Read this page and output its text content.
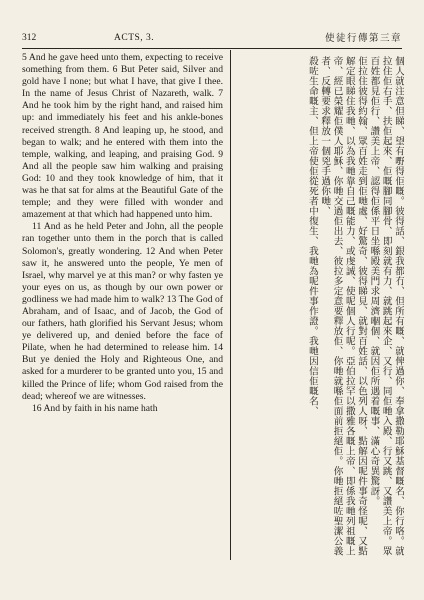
312	ACTS, 3.	使徒行傳第三章

5 And he gave heed unto them, expecting to receive something from them. 6 But Peter said, Silver and gold have I none; but what I have, that give I thee. In the name of Jesus Christ of Nazareth, walk. 7 And he took him by the right hand, and raised him up: and immediately his feet and his ankle-bones received strength. 8 And leaping up, he stood, and began to walk; and he entered with them into the temple, walking, and leaping, and praising God. 9 And all the people saw him walking and praising God: 10 and they took knowledge of him, that it was he that sat for alms at the Beautiful Gate of the temple; and they were filled with wonder and amazement at that which had happened unto him.

11 And as he held Peter and John, all the people ran together unto them in the porch that is called Solomon's, greatly wondering. 12 And when Peter saw it, he answered unto the people, Ye men of Israel, why marvel ye at this man? or why fasten ye your eyes on us, as though by our own power or godliness we had made him to walk? 13 The God of Abraham, and of Isaac, and of Jacob, the God of our fathers, hath glorified his Servant Jesus; whom ye delivered up, and denied before the face of Pilate, when he had determined to release him. 14 But ye denied the Holy and Righteous One, and asked for a murderer to be granted unto you, 15 and killed the Prince of life; whom God raised from the dead; whereof we are witnesses.

16 And by faith in his name hath	個人就注意但睇、望有嘢得佢嘅。彼得話、銀我都冇、但所有嘅、就俾過你、奉拿撒勒耶穌基督嘅名、你行咯。就拉住佢右手、扶佢起來、佢嘅腳同腳骨、即刻就有力、就跳起來企、又行、同佢哋入殿、行又跳、又讚美上帝。眾百姓都見佢行、讚美上帝、認得佢係平日坐喺殿美門求周濟嗰個、就因佢所遇着嘅事、滿心奇異驚訝。

佢拉住彼得約翰、眾百姓走到佢哋處、好驚奇、彼得睇見、就對百姓話、以色列人呀、點解因呢件事奇怪呢、又點解定眼睇住我哋、以為我哋靠自己嘅能力、或虔誠、使呢個人行呢。亞伯拉罕以撒雅各嘅上帝、即係我哋列祖嘅上帝、經已榮耀佢僕人耶穌、你哋交過佢出去、彼拉多定意要釋放佢、你哋就喺佢面前拒絕佢。你哋拒絕咗聖潔公義者、反轉要求釋放一個兇手過你哋、

殺咗生命嘅主、但上帝使佢從死者中復生、我哋為呢件事作證。我哋因信佢嘅名、
